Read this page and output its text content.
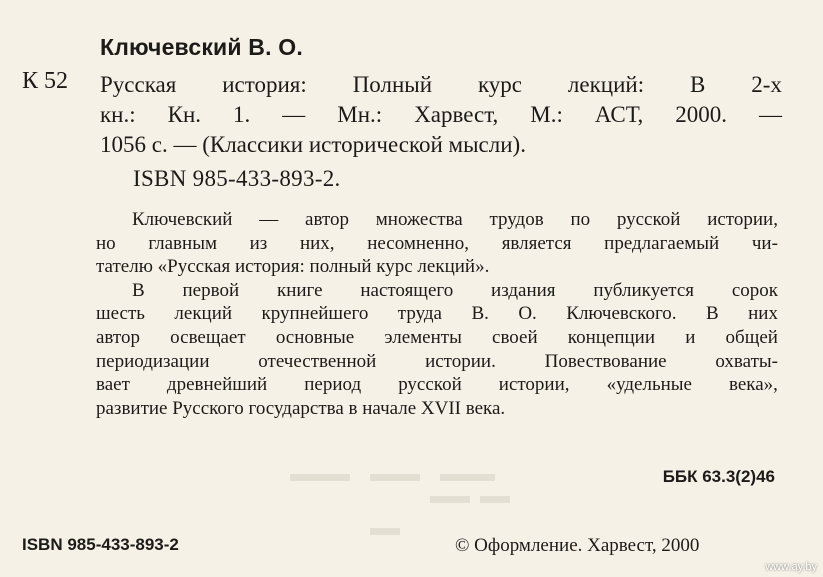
Ключевский В. О.
К 52 Русская история: Полный курс лекций: В 2-х
кн.: Кн. 1. — Мн.: Харвест, М.: АСТ, 2000. —
1056 с. — (Классики исторической мысли).
ISBN 985-433-893-2.
Ключевский — автор множества трудов по русской истории,
но главным из них, несомненно, является предлагаемый чи-
тателю «Русская история: полный курс лекций».
В первой книге настоящего издания публикуется сорок
шесть лекций крупнейшего труда В. О. Ключевского. В них
автор освещает основные элементы своей концепции и общей
периодизации	отечественной	истории.	Повествование	охваты-
вает древнейший период русской истории, «удельные века»,
развитие Русского государства в начале XVII века.
ББК 63.3(2)46
ISBN 985-433-893-2	© Оформление. Харвест, 2000
www.ay.by
